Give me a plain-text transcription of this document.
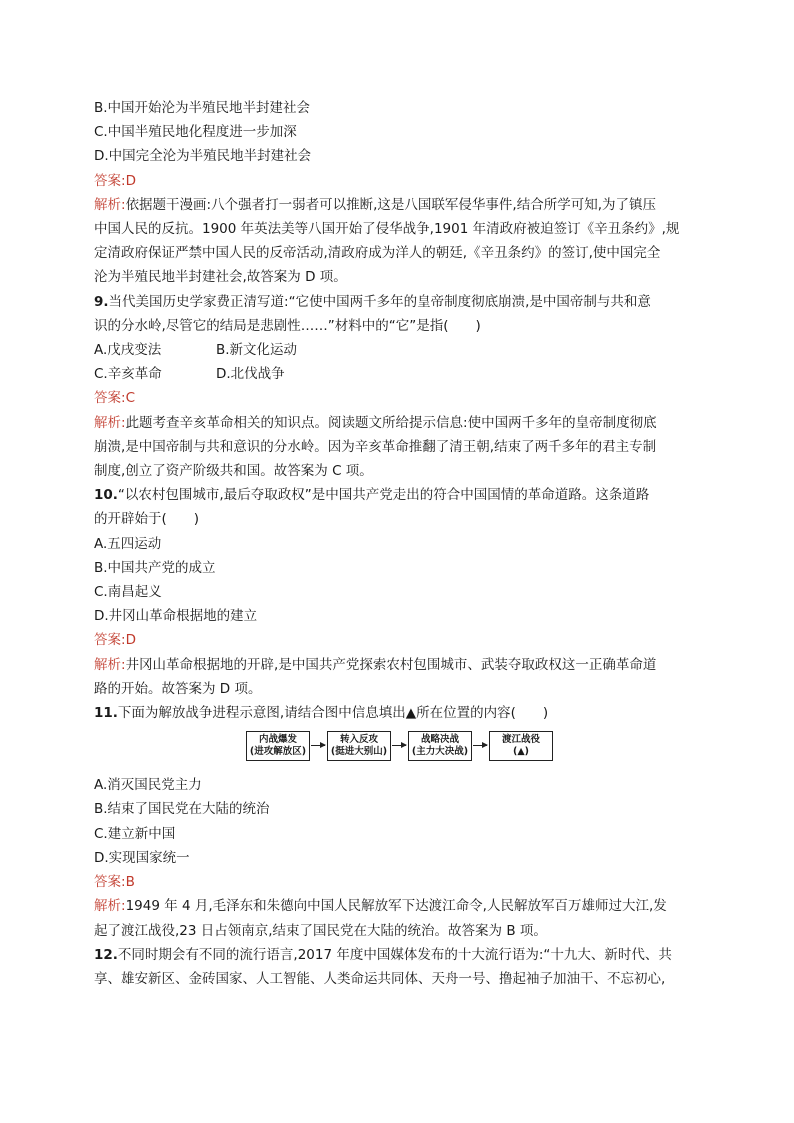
B.中国开始沦为半殖民地半封建社会
C.中国半殖民地化程度进一步加深
D.中国完全沦为半殖民地半封建社会
答案:D
解析:依据题干漫画:八个强者打一弱者可以推断,这是八国联军侵华事件,结合所学可知,为了镇压
中国人民的反抗。1900 年英法美等八国开始了侵华战争,1901 年清政府被迫签订《辛丑条约》,规
定清政府保证严禁中国人民的反帝活动,清政府成为洋人的朝廷,《辛丑条约》的签订,使中国完全
沦为半殖民地半封建社会,故答案为 D 项。
9.当代美国历史学家费正清写道:“它使中国两千多年的皇帝制度彻底崩溃,是中国帝制与共和意
识的分水岭,尽管它的结局是悲剧性……”材料中的“它”是指(　　)
A.戊戌变法	B.新文化运动
C.辛亥革命	D.北伐战争
答案:C
解析:此题考查辛亥革命相关的知识点。阅读题文所给提示信息:使中国两千多年的皇帝制度彻底
崩溃,是中国帝制与共和意识的分水岭。因为辛亥革命推翻了清王朝,结束了两千多年的君主专制
制度,创立了资产阶级共和国。故答案为 C 项。
10.“以农村包围城市,最后夺取政权”是中国共产党走出的符合中国国情的革命道路。这条道路
的开辟始于(　　)
A.五四运动
B.中国共产党的成立
C.南昌起义
D.井冈山革命根据地的建立
答案:D
解析:井冈山革命根据地的开辟,是中国共产党探索农村包围城市、武装夺取政权这一正确革命道
路的开始。故答案为 D 项。
11.下面为解放战争进程示意图,请结合图中信息填出▲所在位置的内容(　　)
内战爆发
(进攻解放区)
转入反攻
(挺进大别山)
战略决战
(主力大决战)
渡江战役
(▲)
A.消灭国民党主力
B.结束了国民党在大陆的统治
C.建立新中国
D.实现国家统一
答案:B
解析:1949 年 4 月,毛泽东和朱德向中国人民解放军下达渡江命令,人民解放军百万雄师过大江,发
起了渡江战役,23 日占领南京,结束了国民党在大陆的统治。故答案为 B 项。
12.不同时期会有不同的流行语言,2017 年度中国媒体发布的十大流行语为:“十九大、新时代、共
享、雄安新区、金砖国家、人工智能、人类命运共同体、天舟一号、撸起袖子加油干、不忘初心,
